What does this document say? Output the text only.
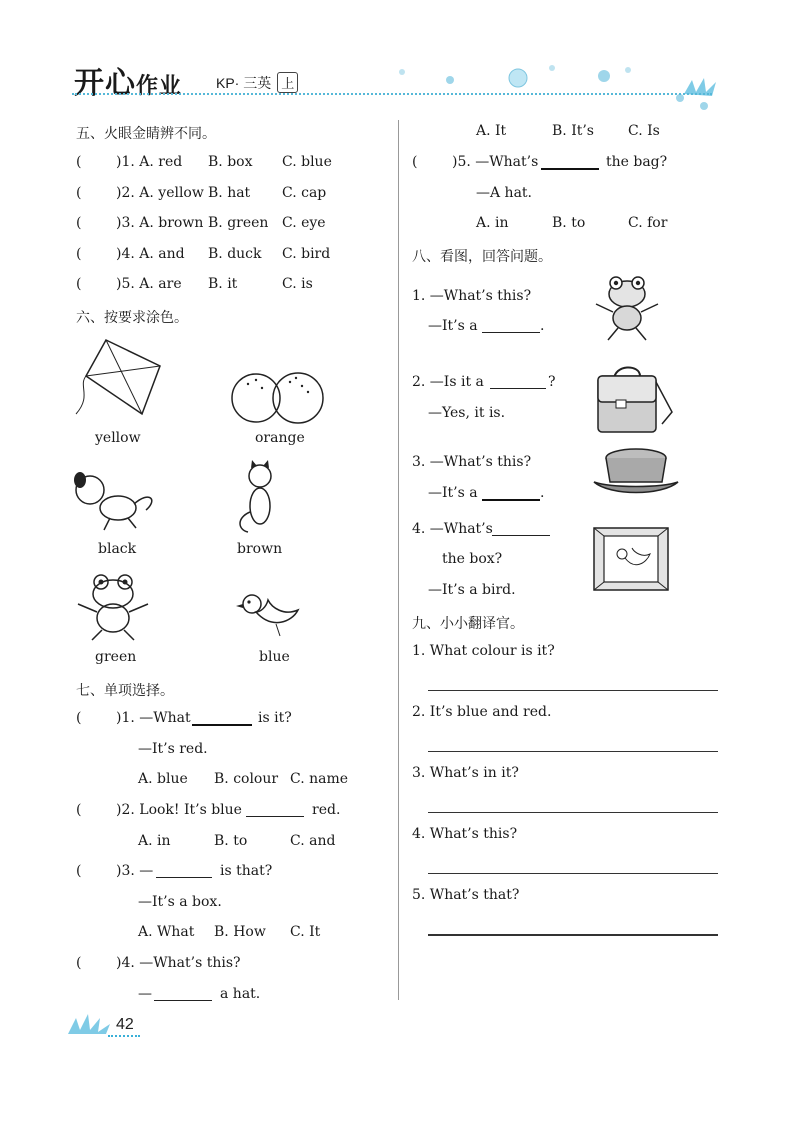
开心作业 KP· 三英 上
五、火眼金睛辨不同。
( )1. A. red B. box C. blue
( )2. A. yellow B. hat C. cap
( )3. A. brown B. green C. eye
( )4. A. and B. duck C. bird
( )5. A. are B. it	C. is
六、按要求涂色。
yellow	orange
black	brown
green	blue
七、单项选择。
( )1. —What	is it?
—It’s red.
A. blue B. colour C. name
( )2. Look! It’s blue	red.
A. in	B. to	C. and
( )3. —	is that?
—It’s a box.
A. What B. How C. It
( )4. —What’s this?
—	a hat.
A. It	B. It’s C. Is
( )5. —What’s	the bag?
—A hat.
A. in	B. to	C. for
八、看图，回答问题。
1. —What’s this?
—It’s a	.
2. —Is it a	?
—Yes, it is.
3. —What’s this?
—It’s a	.
4. —What’s
the box?
—It’s a bird.
九、小小翻译官。
1. What colour is it?
2. It’s blue and red.
3. What’s in it?
4. What’s this?
5. What’s that?
42
